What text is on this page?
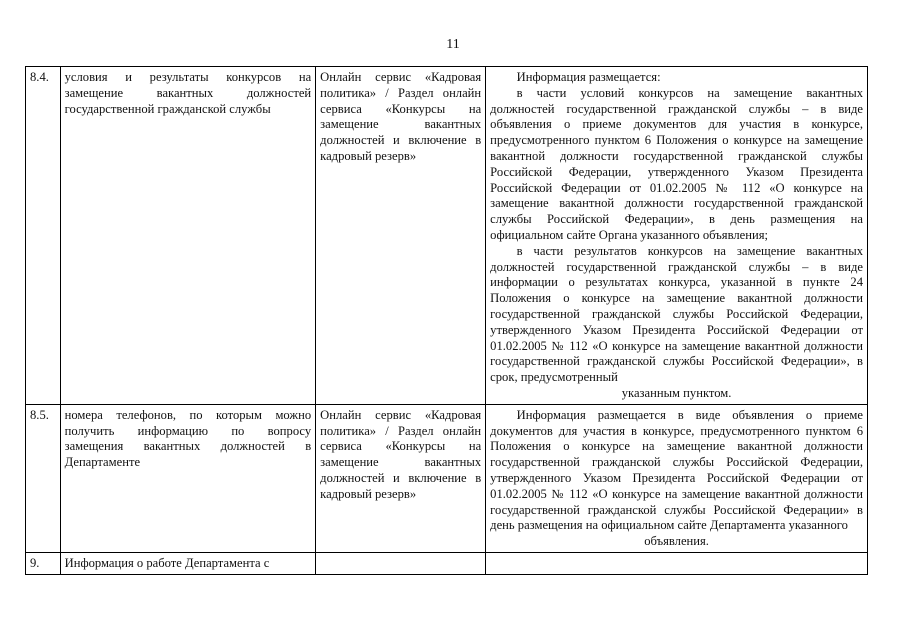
11
8.4.	условия и результаты конкурсов на замещение вакантных должностей государственной гражданской службы	Онлайн сервис «Кадровая политика» / Раздел онлайн сервиса «Конкурсы на замещение вакантных должностей и включение в кадровый резерв»	Информация размещается:

в части условий конкурсов на замещение вакантных должностей государственной гражданской службы – в виде объявления о приеме документов для участия в конкурсе, предусмотренного пунктом 6 Положения о конкурсе на замещение вакантной должности государственной гражданской службы Российской Федерации, утвержденного Указом Президента Российской Федерации от 01.02.2005 № 112 «О конкурсе на замещение вакантной должности государственной гражданской службы Российской Федерации», в день размещения на официальном сайте Органа указанного объявления;

в части результатов конкурсов на замещение вакантных должностей государственной гражданской службы – в виде информации о результатах конкурса, указанной в пункте 24 Положения о конкурсе на замещение вакантной должности государственной гражданской службы Российской Федерации, утвержденного Указом Президента Российской Федерации от 01.02.2005 № 112 «О конкурсе на замещение вакантной должности государственной гражданской службы Российской Федерации», в срок, предусмотренный

указанным пунктом.

8.5.	номера телефонов, по которым можно получить информацию по вопросу замещения вакантных должностей в Департаменте	Онлайн сервис «Кадровая политика» / Раздел онлайн сервиса «Конкурсы на замещение вакантных должностей и включение в кадровый резерв»	Информация размещается в виде объявления о приеме документов для участия в конкурсе, предусмотренного пунктом 6 Положения о конкурсе на замещение вакантной должности государственной гражданской службы Российской Федерации, утвержденного Указом Президента Российской Федерации от 01.02.2005 № 112 «О конкурсе на замещение вакантной должности государственной гражданской службы Российской Федерации» в день размещения на официальном сайте Департамента указанного

объявления.

9.	Информация о работе Департамента с		
